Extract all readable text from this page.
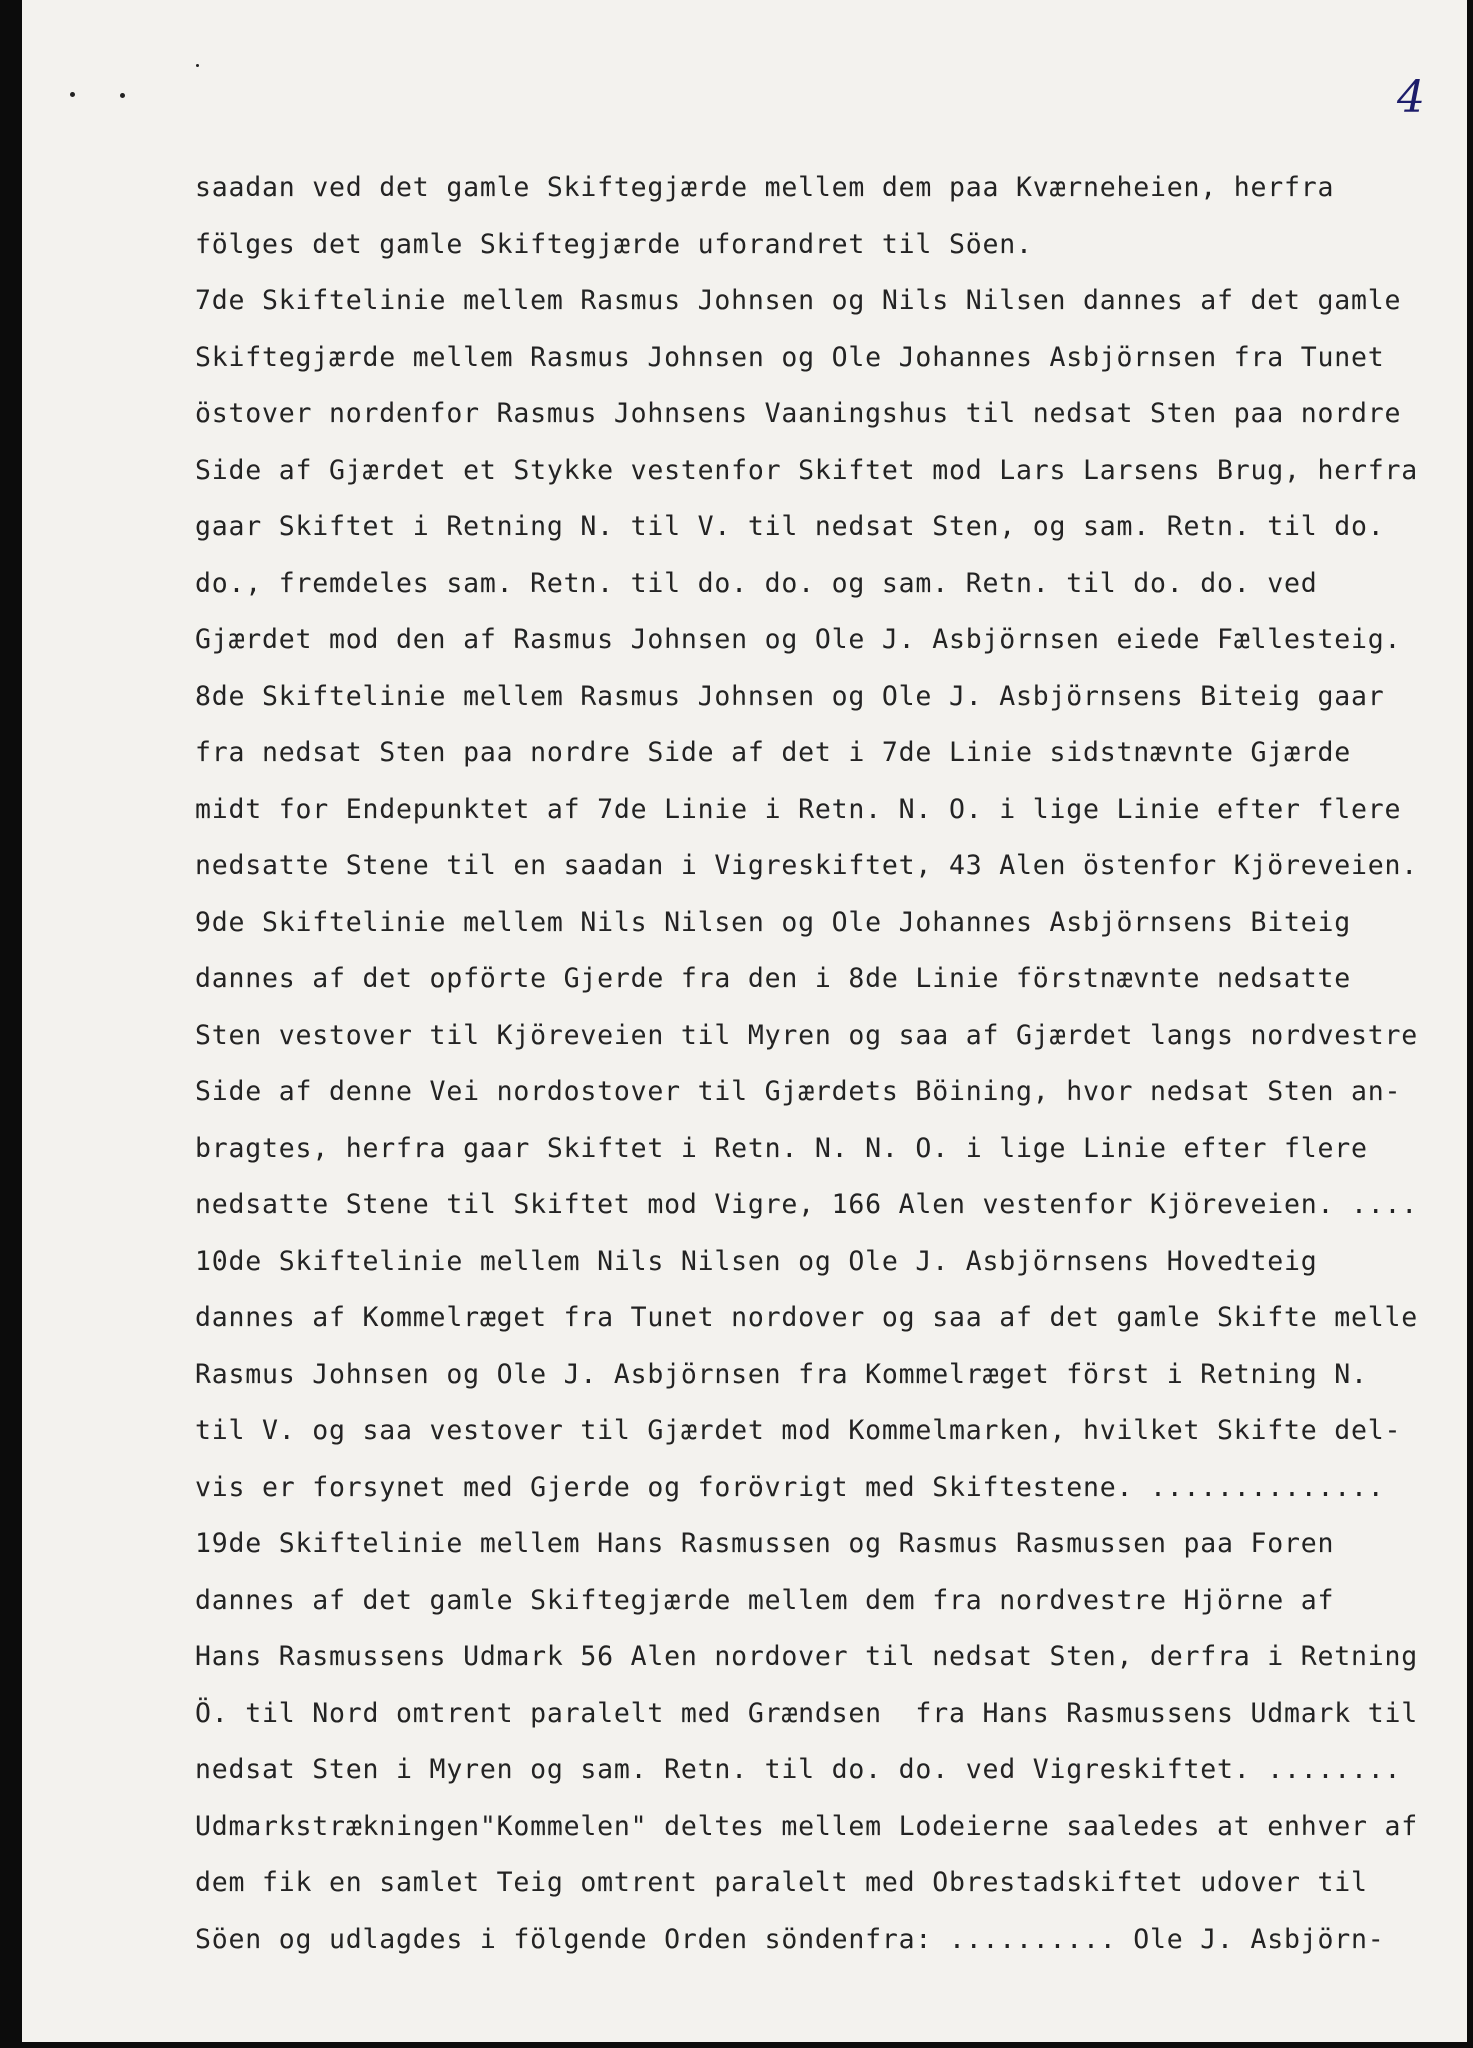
4
saadan ved det gamle Skiftegjærde mellem dem paa Kværneheien, herfra
fölges det gamle Skiftegjærde uforandret til Söen.
7de Skiftelinie mellem Rasmus Johnsen og Nils Nilsen dannes af det gamle
Skiftegjærde mellem Rasmus Johnsen og Ole Johannes Asbjörnsen fra Tunet
östover nordenfor Rasmus Johnsens Vaaningshus til nedsat Sten paa nordre
Side af Gjærdet et Stykke vestenfor Skiftet mod Lars Larsens Brug, herfra
gaar Skiftet i Retning N. til V. til nedsat Sten, og sam. Retn. til do.
do., fremdeles sam. Retn. til do. do. og sam. Retn. til do. do. ved
Gjærdet mod den af Rasmus Johnsen og Ole J. Asbjörnsen eiede Fællesteig.
8de Skiftelinie mellem Rasmus Johnsen og Ole J. Asbjörnsens Biteig gaar
fra nedsat Sten paa nordre Side af det i 7de Linie sidstnævnte Gjærde
midt for Endepunktet af 7de Linie i Retn. N. O. i lige Linie efter flere
nedsatte Stene til en saadan i Vigreskiftet, 43 Alen östenfor Kjöreveien.
9de Skiftelinie mellem Nils Nilsen og Ole Johannes Asbjörnsens Biteig
dannes af det opförte Gjerde fra den i 8de Linie förstnævnte nedsatte
Sten vestover til Kjöreveien til Myren og saa af Gjærdet langs nordvestre
Side af denne Vei nordostover til Gjærdets Böining, hvor nedsat Sten an-
bragtes, herfra gaar Skiftet i Retn. N. N. O. i lige Linie efter flere
nedsatte Stene til Skiftet mod Vigre, 166 Alen vestenfor Kjöreveien. ....
10de Skiftelinie mellem Nils Nilsen og Ole J. Asbjörnsens Hovedteig
dannes af Kommelræget fra Tunet nordover og saa af det gamle Skifte melle
Rasmus Johnsen og Ole J. Asbjörnsen fra Kommelræget först i Retning N.
til V. og saa vestover til Gjærdet mod Kommelmarken, hvilket Skifte del-
vis er forsynet med Gjerde og forövrigt med Skiftestene. ..............
19de Skiftelinie mellem Hans Rasmussen og Rasmus Rasmussen paa Foren
dannes af det gamle Skiftegjærde mellem dem fra nordvestre Hjörne af
Hans Rasmussens Udmark 56 Alen nordover til nedsat Sten, derfra i Retning
Ö. til Nord omtrent paralelt med Grændsen  fra Hans Rasmussens Udmark til
nedsat Sten i Myren og sam. Retn. til do. do. ved Vigreskiftet. ........
Udmarkstrækningen"Kommelen" deltes mellem Lodeierne saaledes at enhver af
dem fik en samlet Teig omtrent paralelt med Obrestadskiftet udover til
Söen og udlagdes i fölgende Orden söndenfra: .......... Ole J. Asbjörn-
